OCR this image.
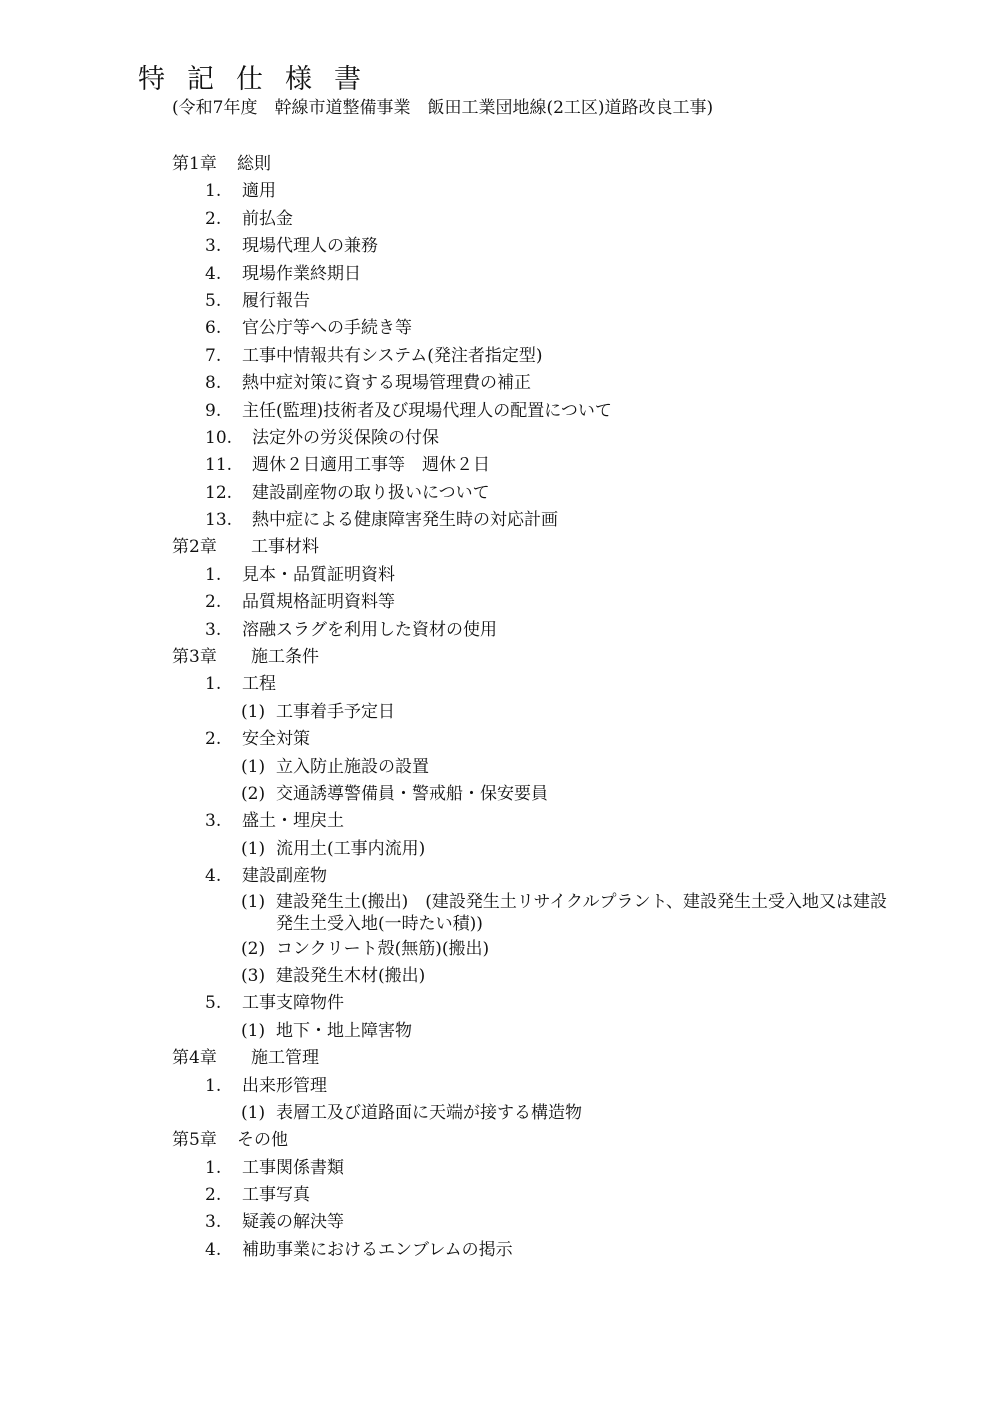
特記仕様書
(令和7年度　幹線市道整備事業　飯田工業団地線(2工区)道路改良工事)
第1章 総則
1. 適用
2. 前払金
3. 現場代理人の兼務
4. 現場作業終期日
5. 履行報告
6. 官公庁等への手続き等
7. 工事中情報共有システム(発注者指定型)
8. 熱中症対策に資する現場管理費の補正
9. 主任(監理)技術者及び現場代理人の配置について
10. 法定外の労災保険の付保
11. 週休２日適用工事等　週休２日
12. 建設副産物の取り扱いについて
13. 熱中症による健康障害発生時の対応計画
第2章 工事材料
1. 見本・品質証明資料
2. 品質規格証明資料等
3. 溶融スラグを利用した資材の使用
第3章 施工条件
1. 工程
(1) 工事着手予定日
2. 安全対策
(1) 立入防止施設の設置
(2) 交通誘導警備員・警戒船・保安要員
3. 盛土・埋戻土
(1) 流用土(工事内流用)
4. 建設副産物
(1) 建設発生土(搬出)　(建設発生土リサイクルプラント、建設発生土受入地又は建設発生土受入地(一時たい積))
(2) コンクリート殻(無筋)(搬出)
(3) 建設発生木材(搬出)
5. 工事支障物件
(1) 地下・地上障害物
第4章 施工管理
1. 出来形管理
(1) 表層工及び道路面に天端が接する構造物
第5章 その他
1. 工事関係書類
2. 工事写真
3. 疑義の解決等
4. 補助事業におけるエンブレムの掲示
